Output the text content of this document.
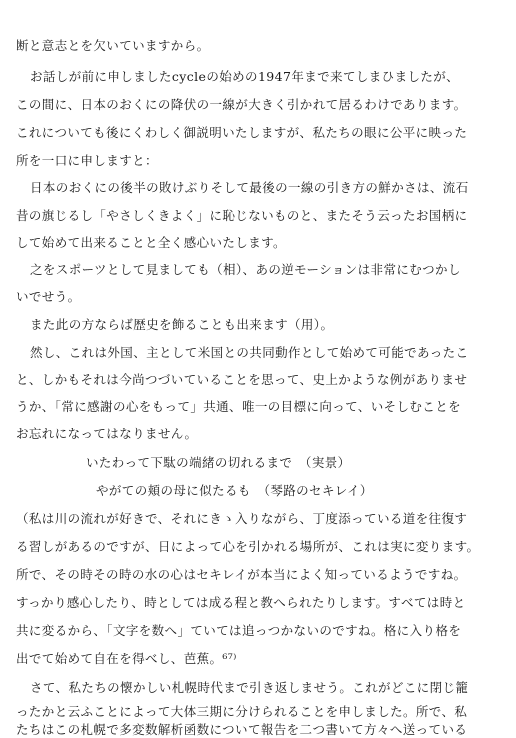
断と意志とを欠いていますから。
お話しが前に申しましたcycleの始めの1947年まで来てしまひましたが、
この間に、日本のおくにの降伏の一線が大きく引かれて居るわけであります。
これについても後にくわしく御説明いたしますが、私たちの眼に公平に映った
所を一口に申しますと：
日本のおくにの後半の敗けぶりそして最後の一線の引き方の鮮かさは、流石
昔の旗じるし「やさしくきよく」に恥じないものと、またそう云ったお国柄に
して始めて出来ることと全く感心いたします。
之をスポーツとして見ましても（相）、あの逆モーションは非常にむつかし
いでせう。
また此の方ならば歴史を飾ることも出来ます（用）。
然し、これは外国、主として米国との共同動作として始めて可能であったこ
と、しかもそれは今尚つづいていることを思って、史上かような例がありませ
うか、「常に感謝の心をもって」共通、唯一の目標に向って、いそしむことを
お忘れになってはなりません。
いたわって下駄の端緒の切れるまで　（実景）
やがての頬の母に似たるも　（琴路のセキレイ）
（私は川の流れが好きで、それにきゝ入りながら、丁度添っている道を往復す
る習しがあるのですが、日によって心を引かれる場所が、これは実に変ります。
所で、その時その時の水の心はセキレイが本当によく知っているようですね。
すっかり感心したり、時としては成る程と教へられたりします。すべては時と
共に変るから、「文字を数へ」ていては追っつかないのですね。格に入り格を
出でて始めて自在を得べし、芭蕉。⁶⁷⁾
さて、私たちの懐かしい札幌時代まで引き返しませう。これがどこに閉じ籠
ったかと云ふことによって大体三期に分けられることを申しました。所で、私
たちはこの札幌で多変数解析函数について報告を二つ書いて方々へ送っている
